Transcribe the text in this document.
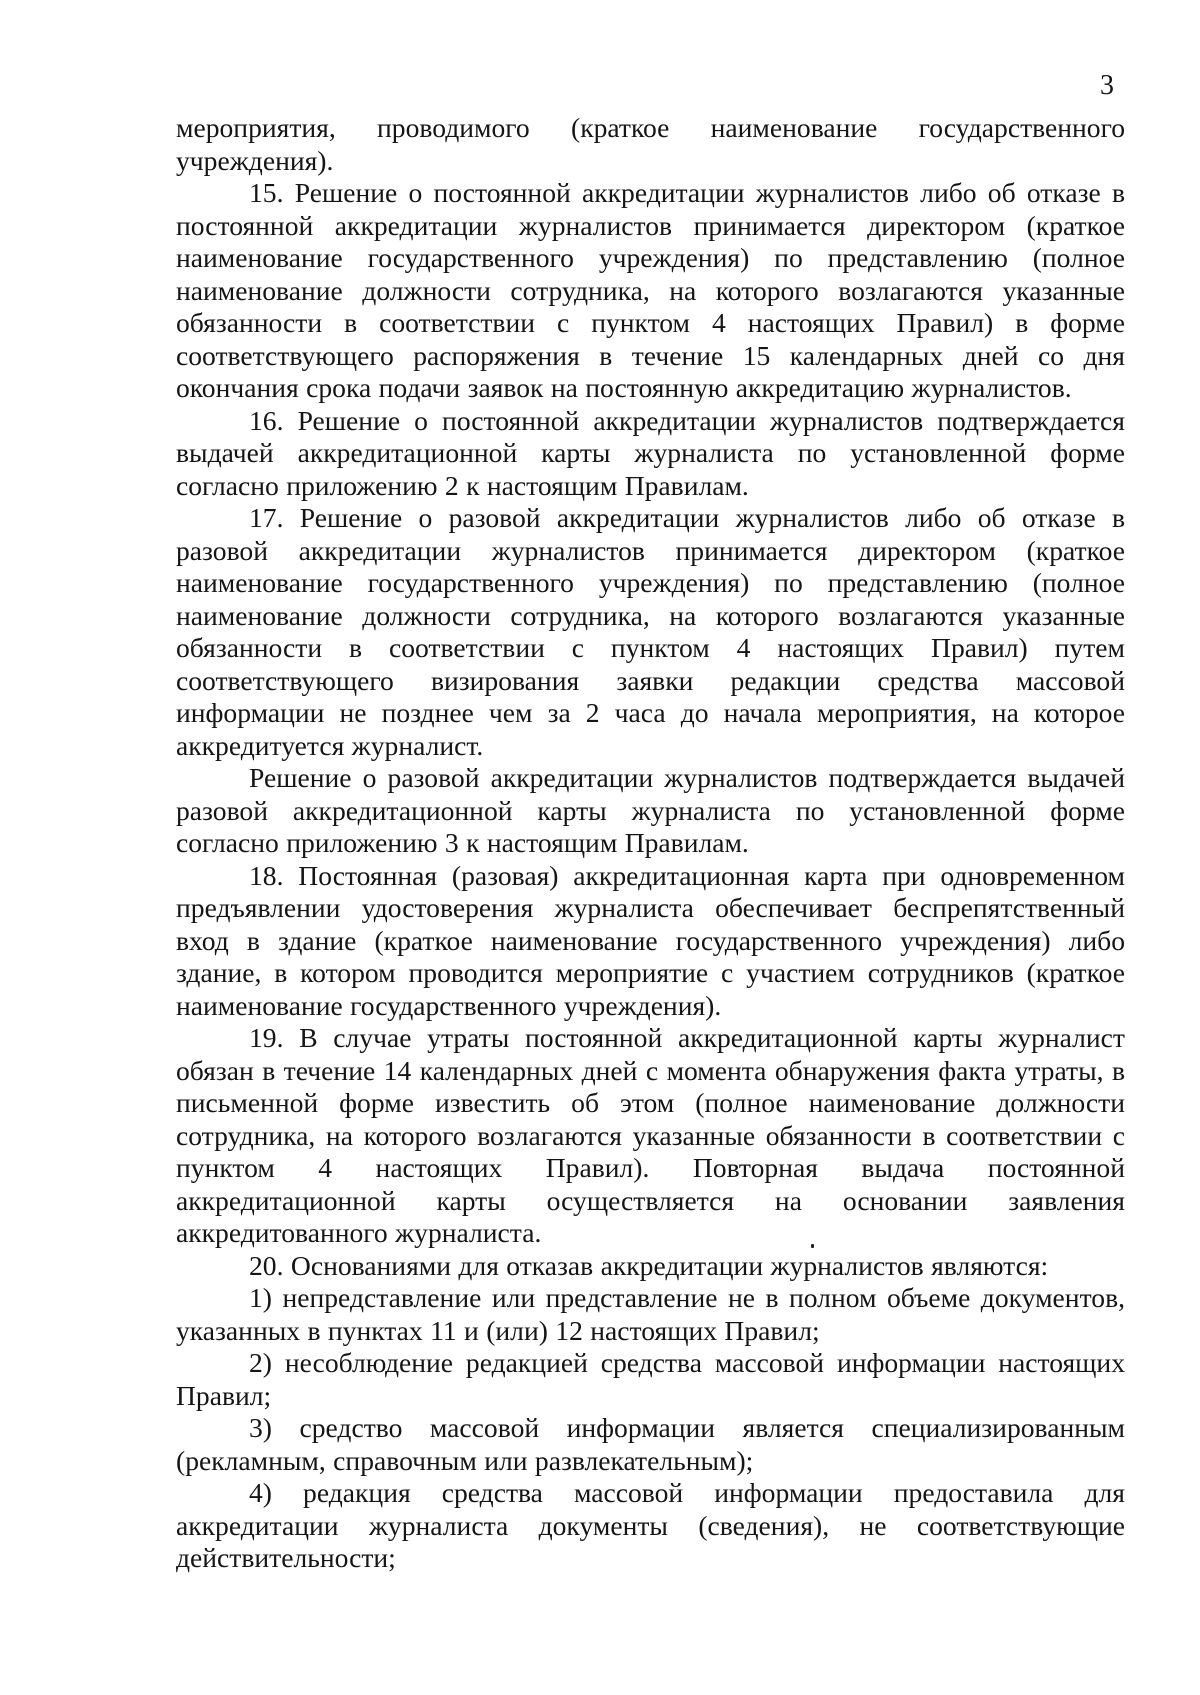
3

мероприятия, проводимого (краткое наименование государственного учреждения).

15. Решение о постоянной аккредитации журналистов либо об отказе в постоянной аккредитации журналистов принимается директором (краткое наименование государственного учреждения) по представлению (полное наименование должности сотрудника, на которого возлагаются указанные обязанности в соответствии с пунктом 4 настоящих Правил) в форме соответствующего распоряжения в течение 15 календарных дней со дня окончания срока подачи заявок на постоянную аккредитацию журналистов.

16. Решение о постоянной аккредитации журналистов подтверждается выдачей аккредитационной карты журналиста по установленной форме согласно приложению 2 к настоящим Правилам.

17. Решение о разовой аккредитации журналистов либо об отказе в разовой аккредитации журналистов принимается директором (краткое наименование государственного учреждения) по представлению (полное наименование должности сотрудника, на которого возлагаются указанные обязанности в соответствии с пунктом 4 настоящих Правил) путем соответствующего визирования заявки редакции средства массовой информации не позднее чем за 2 часа до начала мероприятия, на которое аккредитуется журналист.

Решение о разовой аккредитации журналистов подтверждается выдачей разовой аккредитационной карты журналиста по установленной форме согласно приложению 3 к настоящим Правилам.

18. Постоянная (разовая) аккредитационная карта при одновременном предъявлении удостоверения журналиста обеспечивает беспрепятственный вход в здание (краткое наименование государственного учреждения) либо здание, в котором проводится мероприятие с участием сотрудников (краткое наименование государственного учреждения).

19. В случае утраты постоянной аккредитационной карты журналист обязан в течение 14 календарных дней с момента обнаружения факта утраты, в письменной форме известить об этом (полное наименование должности сотрудника, на которого возлагаются указанные обязанности в соответствии с пунктом 4 настоящих Правил). Повторная выдача постоянной аккредитационной карты осуществляется на основании заявления аккредитованного журналиста.

20. Основаниями для отказав аккредитации журналистов являются:

1) непредставление или представление не в полном объеме документов, указанных в пунктах 11 и (или) 12 настоящих Правил;

2) несоблюдение редакцией средства массовой информации настоящих Правил;

3) средство массовой информации является специализированным (рекламным, справочным или развлекательным);

4) редакция средства массовой информации предоставила для аккредитации журналиста документы (сведения), не соответствующие действительности;
